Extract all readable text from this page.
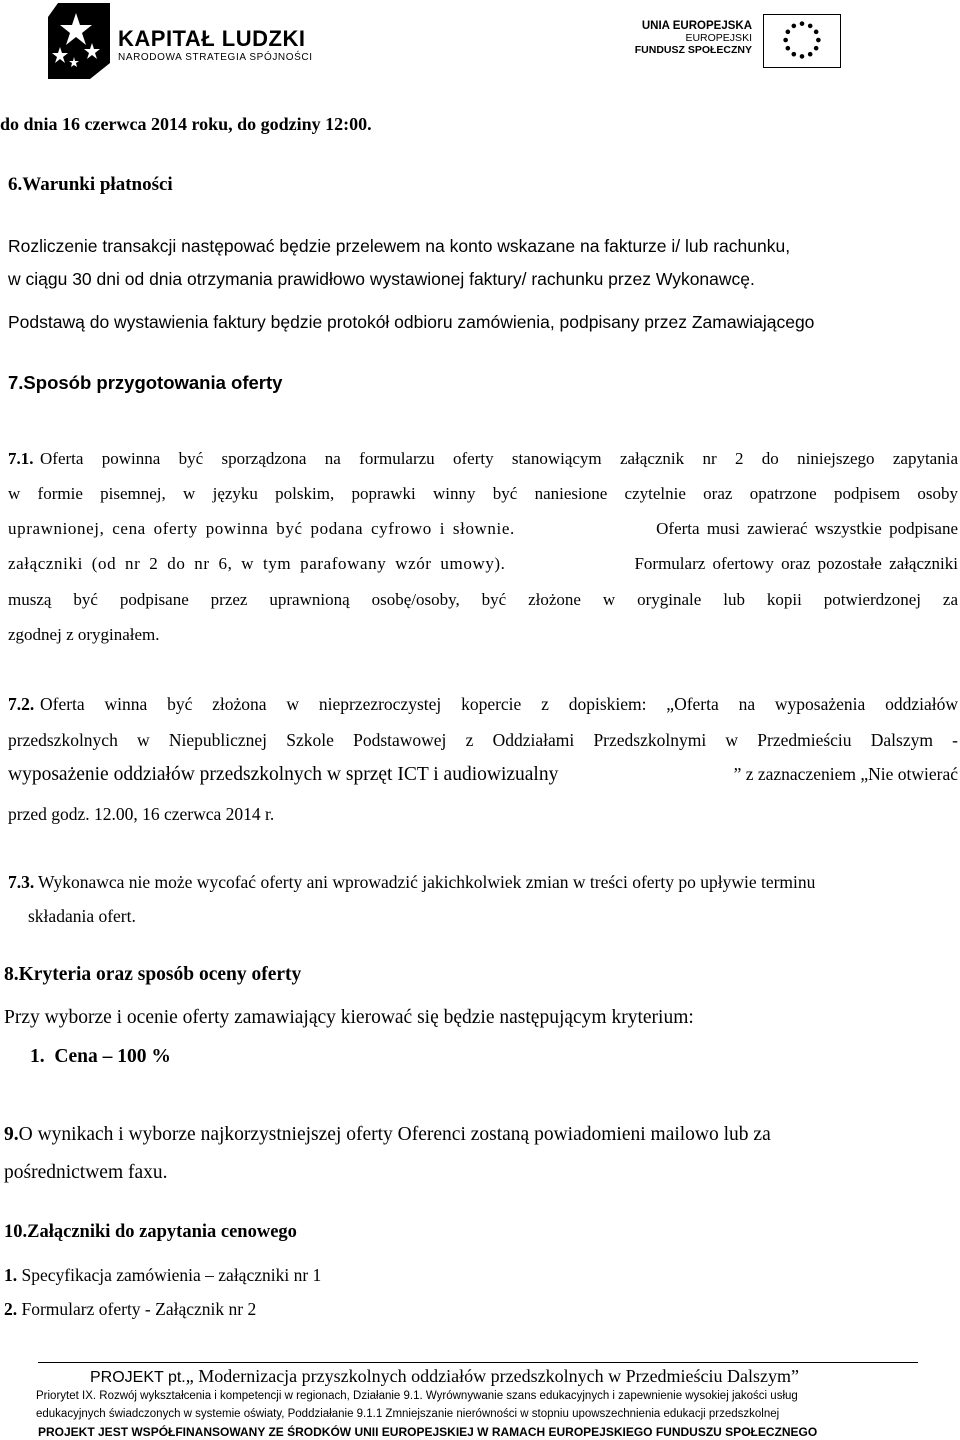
KAPITAŁ LUDZKI
NARODOWA STRATEGIA SPÓJNOŚCI
UNIA EUROPEJSKA
EUROPEJSKI
FUNDUSZ SPOŁECZNY
do dnia 16 czerwca 2014 roku, do godziny 12:00.
6.Warunki płatności
Rozliczenie transakcji następować będzie przelewem na konto wskazane na fakturze i/ lub rachunku,
w ciągu 30 dni od dnia otrzymania prawidłowo wystawionej faktury/ rachunku przez Wykonawcę.
Podstawą do wystawienia faktury będzie protokół odbioru zamówienia, podpisany przez Zamawiającego
7.Sposób przygotowania oferty
7.1. Oferta powinna być sporządzona na formularzu oferty stanowiącym załącznik nr 2 do niniejszego zapytania
w formie pisemnej, w języku polskim, poprawki winny być naniesione czytelnie oraz opatrzone podpisem osoby
uprawnionej, cena oferty powinna być podana cyfrowo i słownie.	Oferta musi zawierać wszystkie podpisane
załączniki (od nr 2 do nr 6, w tym parafowany wzór umowy).	Formularz ofertowy oraz pozostałe załączniki
muszą być podpisane przez uprawnioną osobę/osoby, być złożone w oryginale lub kopii potwierdzonej za
zgodnej z oryginałem.
7.2. Oferta winna być złożona w nieprzezroczystej kopercie z dopiskiem: „Oferta na wyposażenia oddziałów
przedszkolnych w Niepublicznej Szkole Podstawowej z Oddziałami Przedszkolnymi w Przedmieściu Dalszym -
wyposażenie oddziałów przedszkolnych w sprzęt ICT i audiowizualny	” z zaznaczeniem „Nie otwierać
przed godz. 12.00, 16 czerwca 2014 r.
7.3. Wykonawca nie może wycofać oferty ani wprowadzić jakichkolwiek zmian w treści oferty po upływie terminu
składania ofert.
8.Kryteria oraz sposób oceny oferty
Przy wyborze i ocenie oferty zamawiający kierować się będzie następującym kryterium:
1.  Cena – 100 %
9.O wynikach i wyborze najkorzystniejszej oferty Oferenci zostaną powiadomieni mailowo lub za
pośrednictwem faxu.
10.Załączniki do zapytania cenowego
1. Specyfikacja zamówienia – załączniki nr 1
2. Formularz oferty - Załącznik nr 2
PROJEKT pt.„ Modernizacja przyszkolnych oddziałów przedszkolnych w Przedmieściu Dalszym”
Priorytet IX. Rozwój wykształcenia i kompetencji w regionach, Działanie 9.1. Wyrównywanie szans edukacyjnych i zapewnienie wysokiej jakości usług
edukacyjnych świadczonych w systemie oświaty, Poddziałanie 9.1.1 Zmniejszanie nierówności w stopniu upowszechnienia edukacji przedszkolnej
PROJEKT JEST WSPÓŁFINANSOWANY ZE ŚRODKÓW UNII EUROPEJSKIEJ W RAMACH EUROPEJSKIEGO FUNDUSZU SPOŁECZNEGO
